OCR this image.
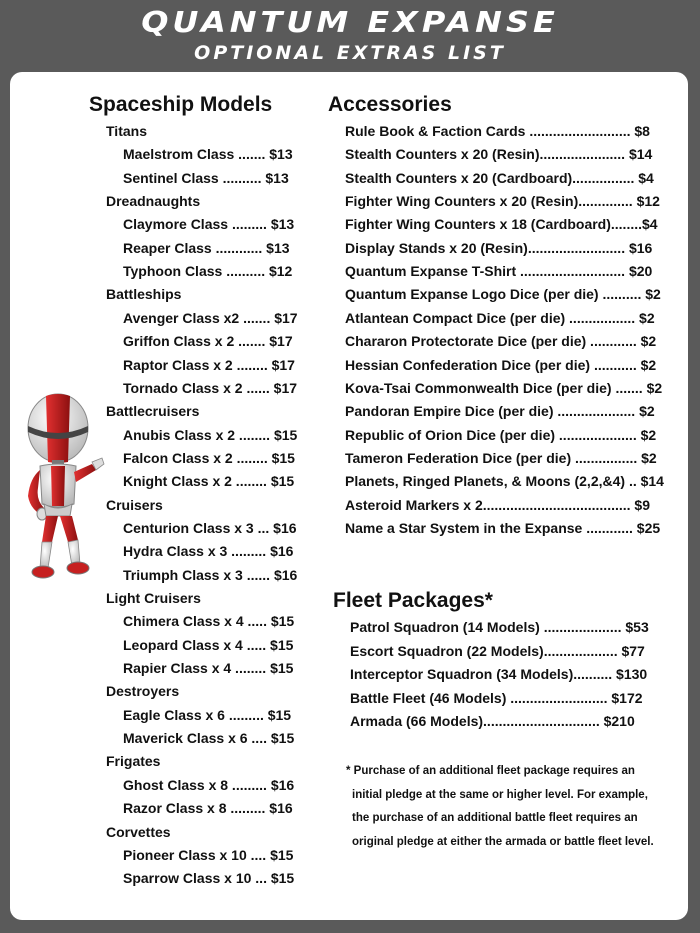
QUANTUM EXPANSE
OPTIONAL EXTRAS LIST
Spaceship Models
Titans
Maelstrom Class ....... $13
Sentinel Class .......... $13
Dreadnaughts
Claymore Class ......... $13
Reaper Class ............ $13
Typhoon Class .......... $12
Battleships
Avenger Class x2 ....... $17
Griffon Class x 2 ....... $17
Raptor Class x 2 ........ $17
Tornado Class x 2 ...... $17
Battlecruisers
Anubis Class x 2 ........ $15
Falcon Class x 2 ........ $15
Knight Class x 2 ........ $15
Cruisers
Centurion Class x 3 ... $16
Hydra Class x 3 ......... $16
Triumph Class x 3 ...... $16
Light Cruisers
Chimera Class x 4 ..... $15
Leopard Class x 4 ..... $15
Rapier Class x 4 ........ $15
Destroyers
Eagle Class x 6 ......... $15
Maverick Class x 6 .... $15
Frigates
Ghost Class x 8 ......... $16
Razor Class x 8 ......... $16
Corvettes
Pioneer Class x 10 .... $15
Sparrow Class x 10 ... $15
Accessories
Rule Book & Faction Cards .......................... $8
Stealth Counters x 20 (Resin)...................... $14
Stealth Counters x 20 (Cardboard)................ $4
Fighter Wing Counters x 20 (Resin).............. $12
Fighter Wing Counters x 18 (Cardboard)........$4
Display Stands x 20 (Resin)......................... $16
Quantum Expanse T-Shirt ........................... $20
Quantum Expanse Logo Dice (per die) .......... $2
Atlantean Compact Dice (per die) ................. $2
Chararon Protectorate Dice (per die) ............ $2
Hessian Confederation Dice (per die) ........... $2
Kova-Tsai Commonwealth Dice (per die) ....... $2
Pandoran Empire Dice (per die) .................... $2
Republic of Orion Dice (per die) .................... $2
Tameron Federation Dice (per die) ................ $2
Planets, Ringed Planets, & Moons (2,2,&4) .. $14
Asteroid Markers x 2...................................... $9
Name a Star System in the Expanse ............ $25
Fleet Packages*
Patrol Squadron (14 Models) .................... $53
Escort Squadron (22 Models)................... $77
Interceptor Squadron (34 Models).......... $130
Battle Fleet (46 Models) ......................... $172
Armada (66 Models).............................. $210
* Purchase of an additional fleet package requires an
initial pledge at the same or higher level. For example,
the purchase of an additional battle fleet requires an
original pledge at either the armada or battle fleet level.
